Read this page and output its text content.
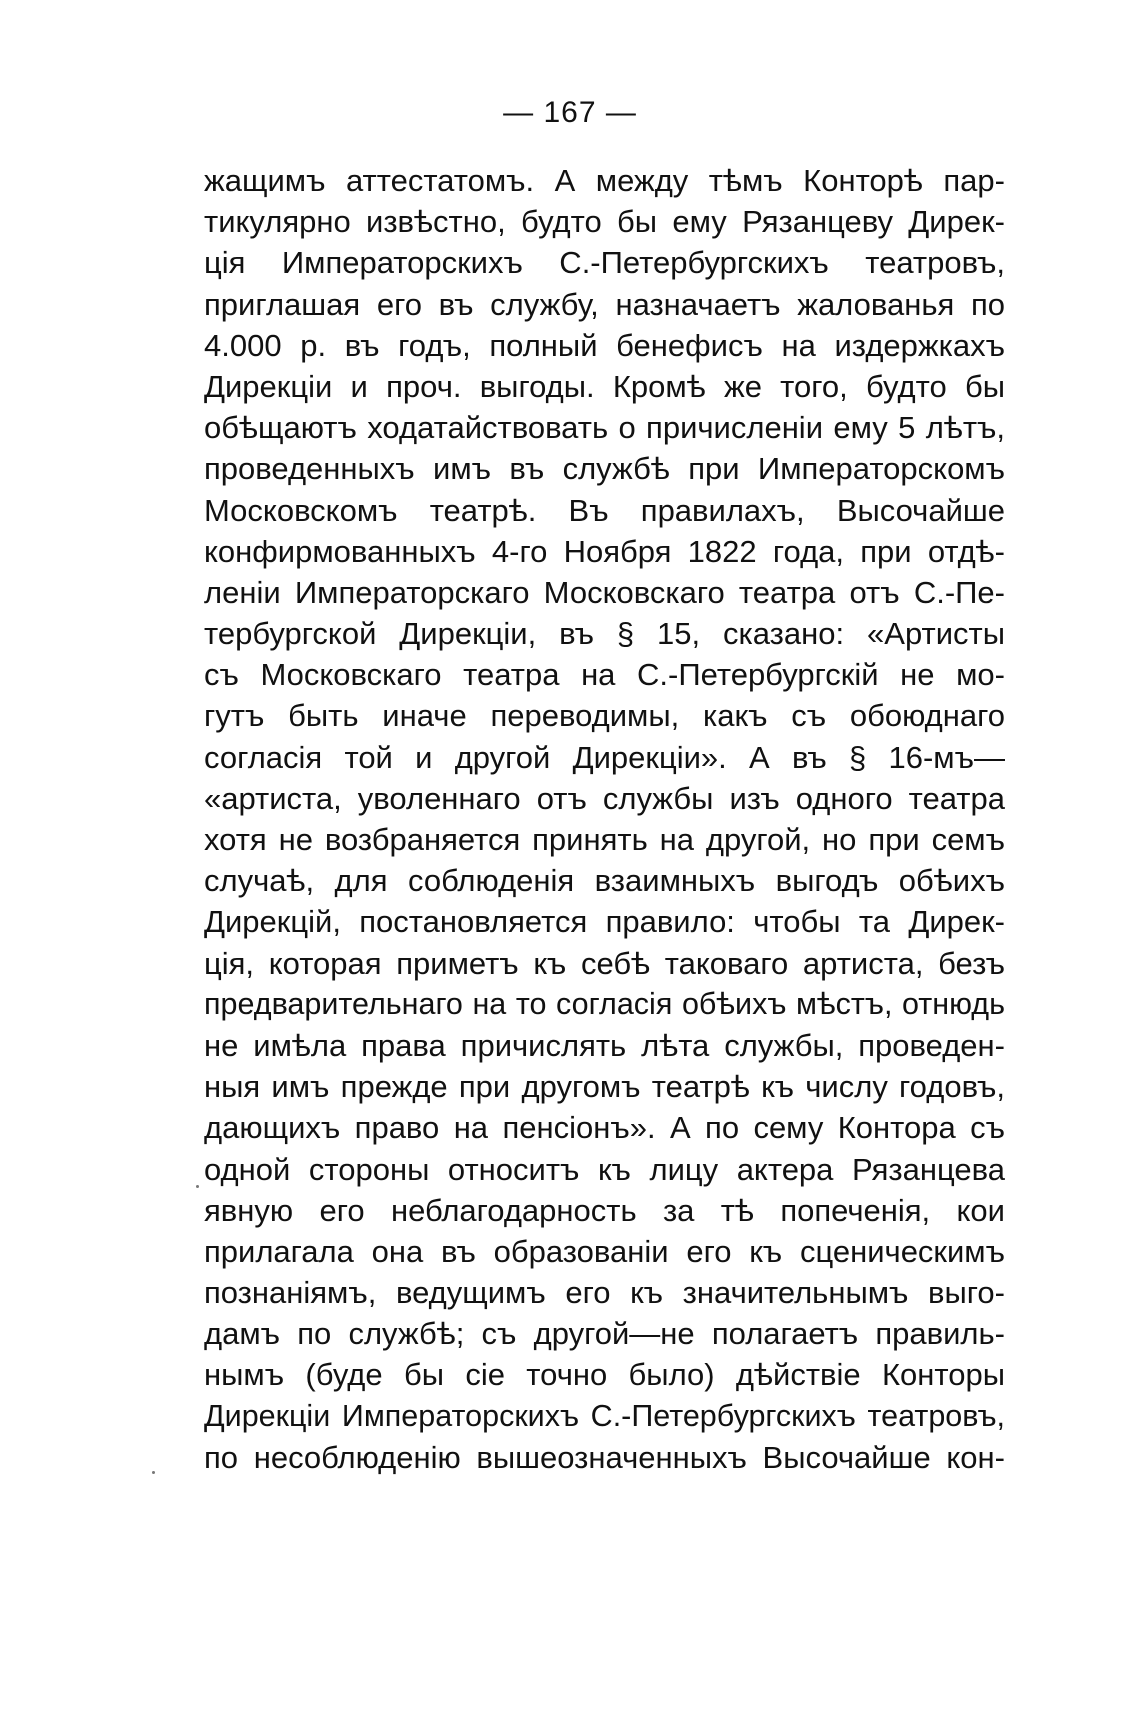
— 167 —
жащимъ аттестатомъ. А между тѣмъ Конторѣ пар-
тикулярно извѣстно, будто бы ему Рязанцеву Дирек-
ція Императорскихъ С.-Петербургскихъ театровъ,
приглашая его въ службу, назначаетъ жалованья по
4.000 р. въ годъ, полный бенефисъ на издержкахъ
Дирекціи и проч. выгоды. Кромѣ же того, будто бы
обѣщаютъ ходатайствовать о причисленіи ему 5 лѣтъ,
проведенныхъ имъ въ службѣ при Императорскомъ
Московскомъ театрѣ. Въ правилахъ, Высочайше
конфирмованныхъ 4-го Ноября 1822 года, при отдѣ-
леніи Императорскаго Московскаго театра отъ С.-Пе-
тербургской Дирекціи, въ § 15, сказано: «Артисты
съ Московскаго театра на С.-Петербургскій не мо-
гутъ быть иначе переводимы, какъ съ обоюднаго
согласія той и другой Дирекціи». А въ § 16-мъ—
«артиста, уволеннаго отъ службы изъ одного театра
хотя не возбраняется принять на другой, но при семъ
случаѣ, для соблюденія взаимныхъ выгодъ обѣихъ
Дирекцій, постановляется правило: чтобы та Дирек-
ція, которая приметъ къ себѣ таковаго артиста, безъ
предварительнаго на то согласія обѣихъ мѣстъ, отнюдь
не имѣла права причислять лѣта службы, проведен-
ныя имъ прежде при другомъ театрѣ къ числу годовъ,
дающихъ право на пенсіонъ». А по сему Контора съ
одной стороны относитъ къ лицу актера Рязанцева
явную его неблагодарность за тѣ попеченія, кои
прилагала она въ образованіи его къ сценическимъ
познаніямъ, ведущимъ его къ значительнымъ выго-
дамъ по службѣ; съ другой—не полагаетъ правиль-
нымъ (буде бы сіе точно было) дѣйствіе Конторы
Дирекціи Императорскихъ С.-Петербургскихъ театровъ,
по несоблюденію вышеозначенныхъ Высочайше кон-
